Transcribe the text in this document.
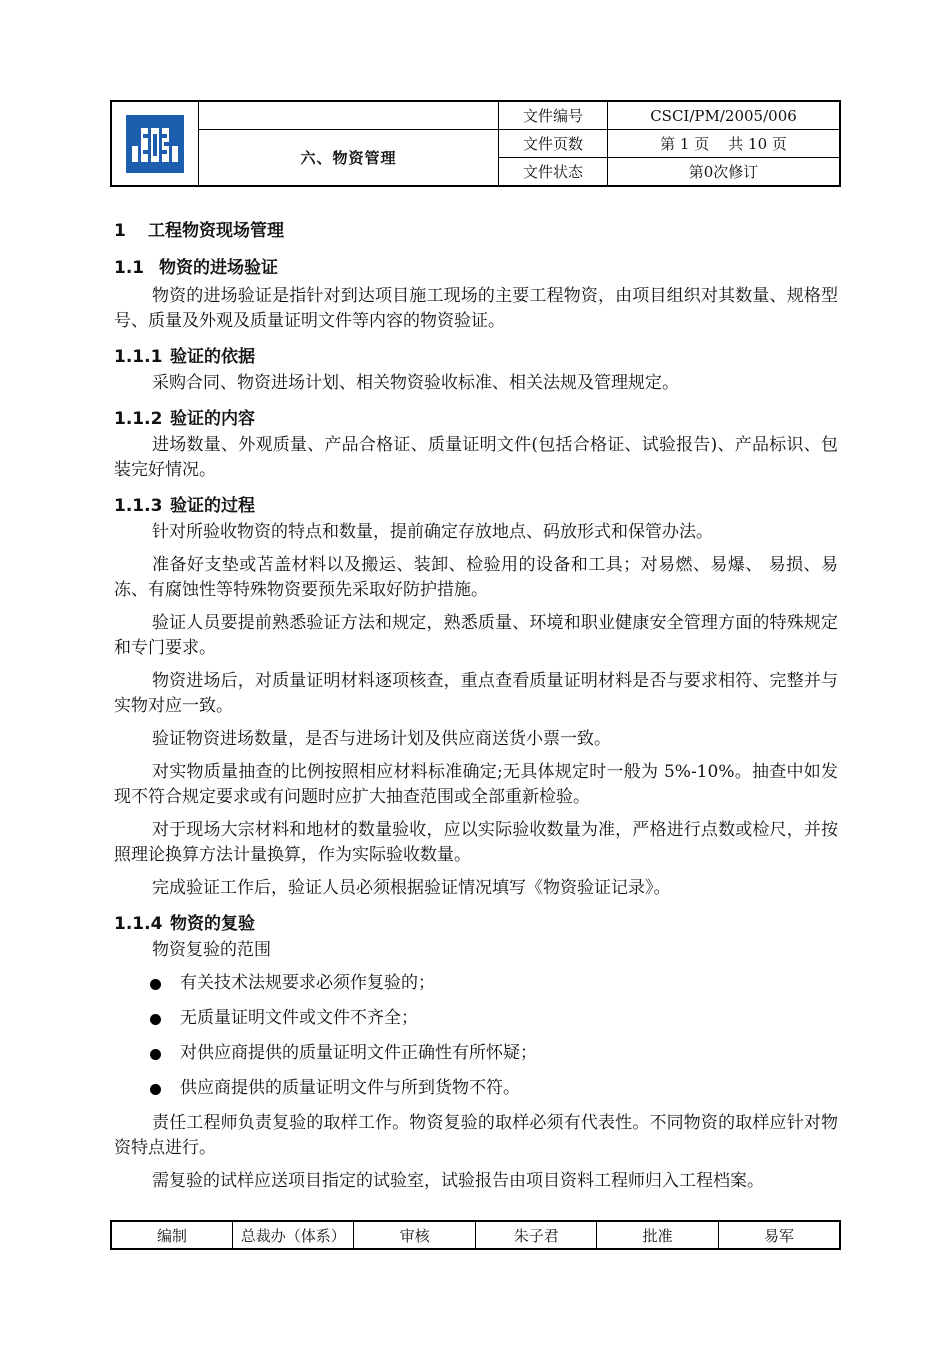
		文件编号	CSCI/PM/2005/006
	六、物资管理	文件页数	第 1 页    共 10 页
		文件状态	第0次修订
1 工程物资现场管理
1.1 物资的进场验证

物资的进场验证是指针对到达项目施工现场的主要工程物资，由项目组织对其数量、规格型号、质量及外观及质量证明文件等内容的物资验证。

1.1.1 验证的依据

采购合同、物资进场计划、相关物资验收标准、相关法规及管理规定。

1.1.2 验证的内容

进场数量、外观质量、产品合格证、质量证明文件(包括合格证、试验报告)、产品标识、包装完好情况。

1.1.3 验证的过程

针对所验收物资的特点和数量，提前确定存放地点、码放形式和保管办法。

准备好支垫或苫盖材料以及搬运、装卸、检验用的设备和工具；对易燃、易爆、 易损、易冻、有腐蚀性等特殊物资要预先采取好防护措施。

验证人员要提前熟悉验证方法和规定，熟悉质量、环境和职业健康安全管理方面的特殊规定和专门要求。

物资进场后，对质量证明材料逐项核查，重点查看质量证明材料是否与要求相符、完整并与实物对应一致。

验证物资进场数量，是否与进场计划及供应商送货小票一致。

对实物质量抽查的比例按照相应材料标准确定;无具体规定时一般为 5%-10%。抽查中如发现不符合规定要求或有问题时应扩大抽查范围或全部重新检验。

对于现场大宗材料和地材的数量验收，应以实际验收数量为准，严格进行点数或检尺，并按照理论换算方法计量换算，作为实际验收数量。

完成验证工作后，验证人员必须根据验证情况填写《物资验证记录》。

1.1.4 物资的复验

物资复验的范围

有关技术法规要求必须作复验的；
无质量证明文件或文件不齐全；
对供应商提供的质量证明文件正确性有所怀疑；
供应商提供的质量证明文件与所到货物不符。

责任工程师负责复验的取样工作。物资复验的取样必须有代表性。不同物资的取样应针对物资特点进行。

需复验的试样应送项目指定的试验室，试验报告由项目资料工程师归入工程档案。

编制	总裁办（体系）	审核	朱子君	批准	易军
